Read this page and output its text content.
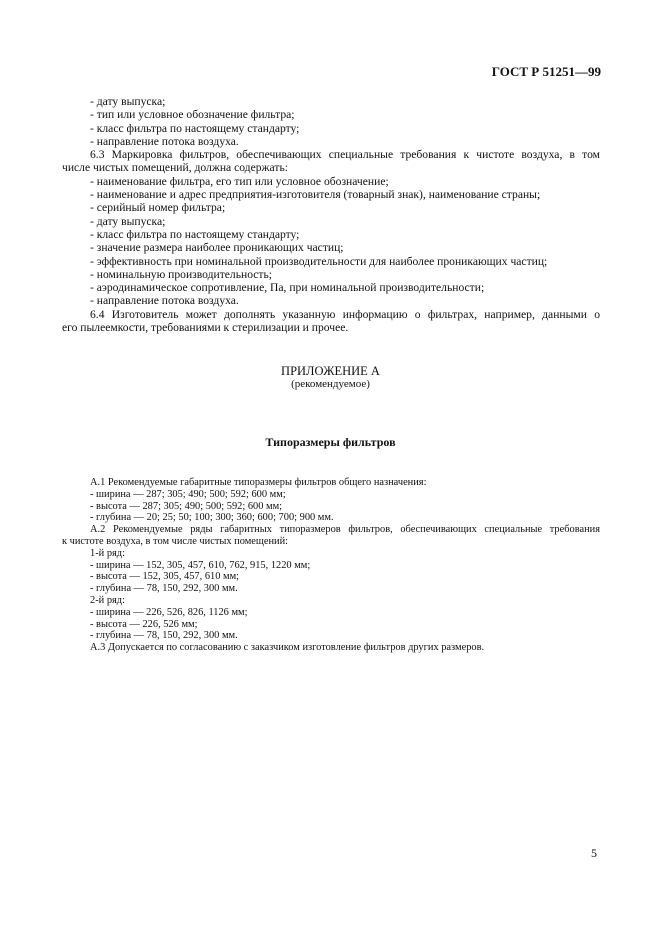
ГОСТ Р 51251—99
- дату выпуска;
- тип или условное обозначение фильтра;
- класс фильтра по настоящему стандарту;
- направление потока воздуха.
6.3 Маркировка фильтров, обеспечивающих специальные требования к чистоте воздуха, в том
числе чистых помещений, должна содержать:
- наименование фильтра, его тип или условное обозначение;
- наименование и адрес предприятия-изготовителя (товарный знак), наименование страны;
- серийный номер фильтра;
- дату выпуска;
- класс фильтра по настоящему стандарту;
- значение размера наиболее проникающих частиц;
- эффективность при номинальной производительности для наиболее проникающих частиц;
- номинальную производительность;
- аэродинамическое сопротивление, Па, при номинальной производительности;
- направление потока воздуха.
6.4 Изготовитель может дополнять указанную информацию о фильтрах, например, данными о
его пылеемкости, требованиями к стерилизации и прочее.
ПРИЛОЖЕНИЕ А
(рекомендуемое)
Типоразмеры фильтров
А.1 Рекомендуемые габаритные типоразмеры фильтров общего назначения:
- ширина — 287; 305; 490; 500; 592; 600 мм;
- высота — 287; 305; 490; 500; 592; 600 мм;
- глубина — 20; 25; 50; 100; 300; 360; 600; 700; 900 мм.
А.2 Рекомендуемые ряды габаритных типоразмеров фильтров, обеспечивающих специальные требования
к чистоте воздуха, в том числе чистых помещений:
1-й ряд:
- ширина — 152, 305, 457, 610, 762, 915, 1220 мм;
- высота — 152, 305, 457, 610 мм;
- глубина — 78, 150, 292, 300 мм.
2-й ряд:
- ширина — 226, 526, 826, 1126 мм;
- высота — 226, 526 мм;
- глубина — 78, 150, 292, 300 мм.
А.3 Допускается по согласованию с заказчиком изготовление фильтров других размеров.
5
